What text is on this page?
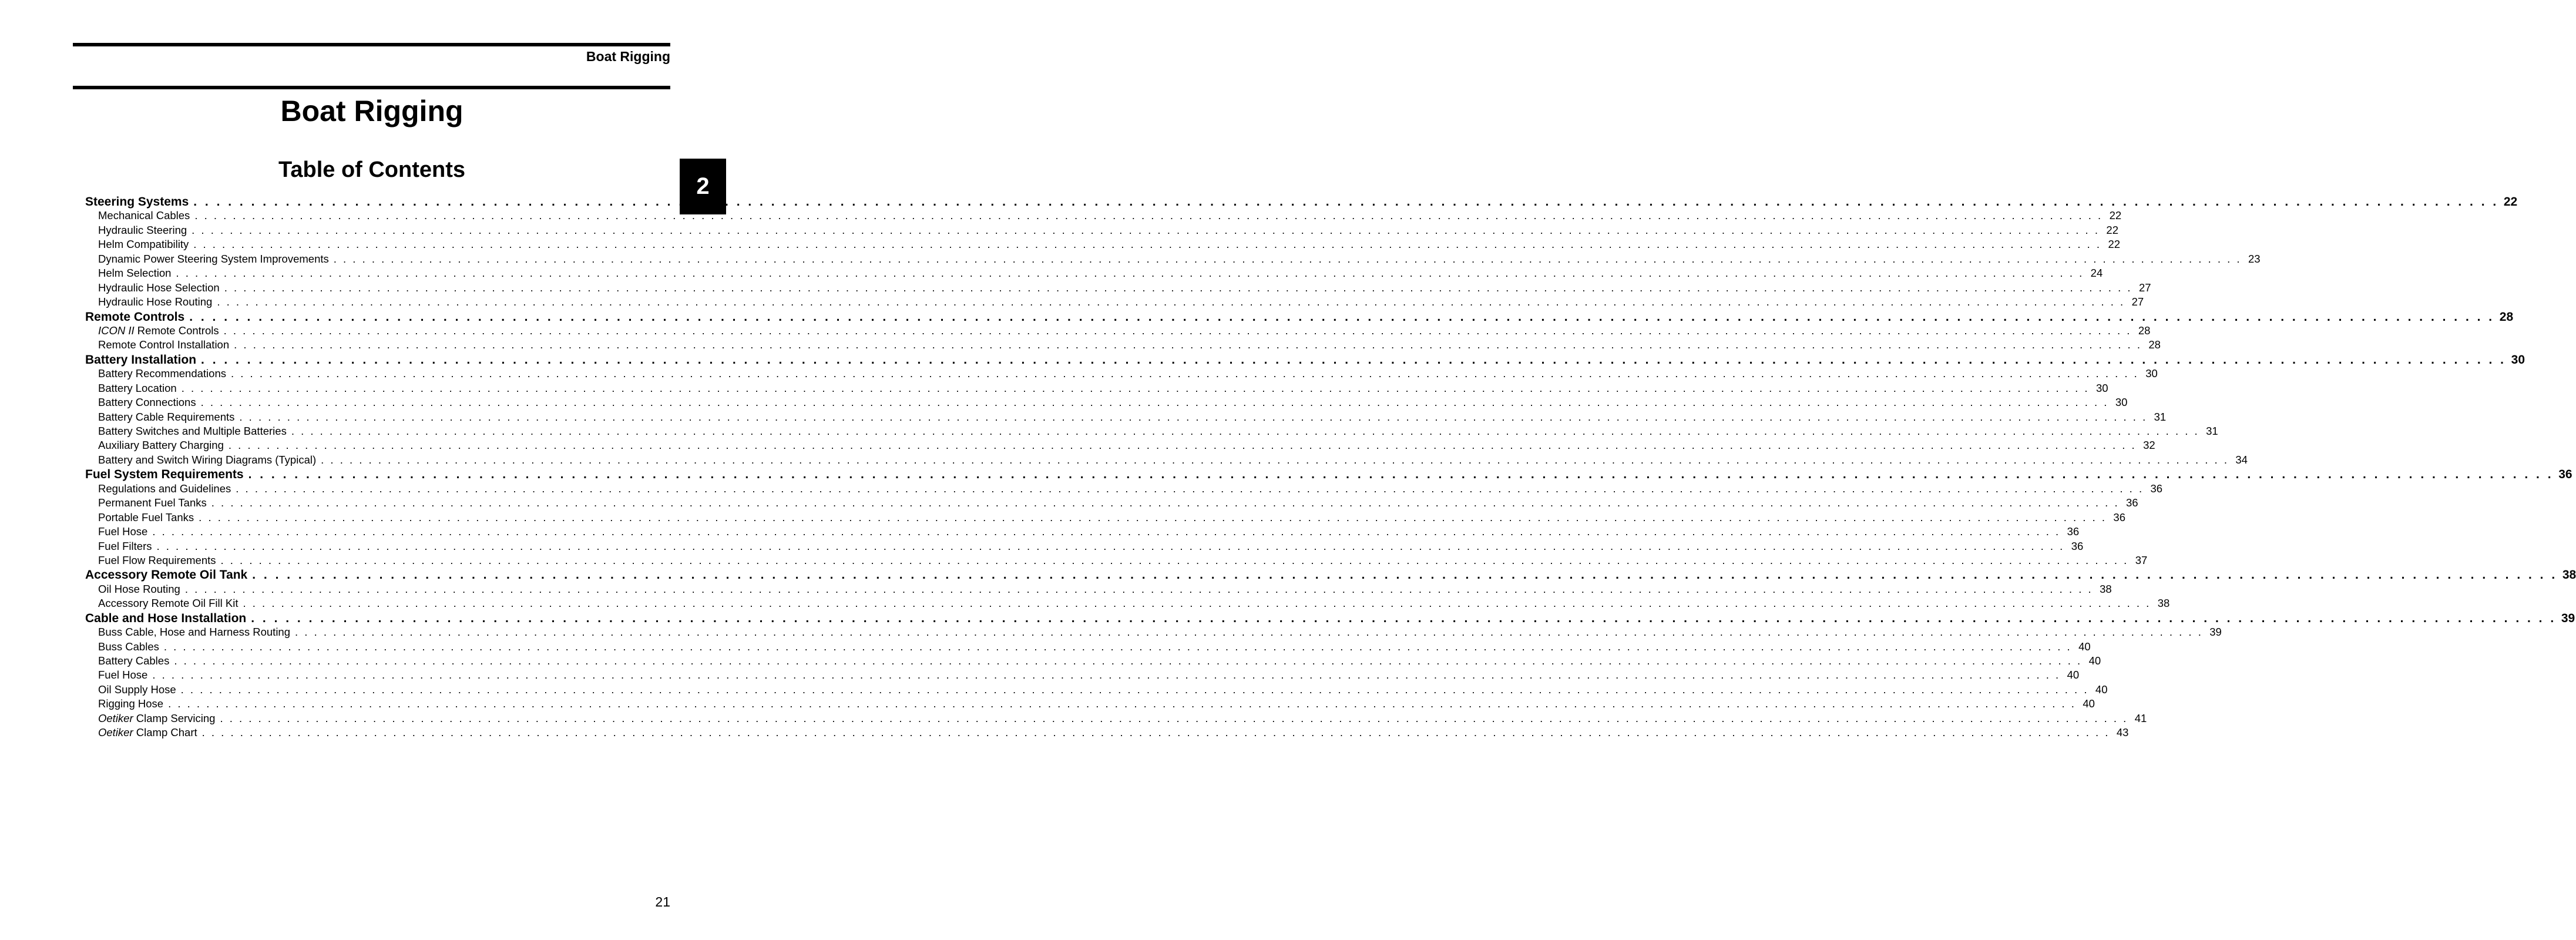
Boat Rigging
2
Boat Rigging
Table of Contents
Steering Systems . . . . . . . . . . . . . . . . . . . . . . . . . . . . . . . . . . . . . . . . . . . . . . . . . . . . . . . . . . . . . . . . . . . . . . . . . . . . . . . . . . . . . . . . . . . . . . . . . . . . . . . . . . . . . . . . . . . . . . . . . . . . . . . . . . . . . . . . . . . . . . . . . . . . . . . . . . . . . . . . . . . . . . . . . . . . . . . . . . . . . . . . . . . . . . . . . . . . . . . . 22
Mechanical Cables . . . . . . . . . . . . . . . . . . . . . . . . . . . . . . . . . . . . . . . . . . . . . . . . . . . . . . . . . . . . . . . . . . . . . . . . . . . . . . . . . . . . . . . . . . . . . . . . . . . . . . . . . . . . . . . . . . . . . . . . . . . . . . . . . . . . . . . . . . . . . . . . . . . . . . . . . . . . . . . . . . . . . . . . . . . . . . . . . . . . . . . . . . . . . . . . . . . . . . . . 22
Hydraulic Steering . . . . . . . . . . . . . . . . . . . . . . . . . . . . . . . . . . . . . . . . . . . . . . . . . . . . . . . . . . . . . . . . . . . . . . . . . . . . . . . . . . . . . . . . . . . . . . . . . . . . . . . . . . . . . . . . . . . . . . . . . . . . . . . . . . . . . . . . . . . . . . . . . . . . . . . . . . . . . . . . . . . . . . . . . . . . . . . . . . . . . . . . . . . . . . . . . . . . . . . . 22
Helm Compatibility . . . . . . . . . . . . . . . . . . . . . . . . . . . . . . . . . . . . . . . . . . . . . . . . . . . . . . . . . . . . . . . . . . . . . . . . . . . . . . . . . . . . . . . . . . . . . . . . . . . . . . . . . . . . . . . . . . . . . . . . . . . . . . . . . . . . . . . . . . . . . . . . . . . . . . . . . . . . . . . . . . . . . . . . . . . . . . . . . . . . . . . . . . . . . . . . . . . . . . . . 22
Dynamic Power Steering System Improvements . . . . . . . . . . . . . . . . . . . . . . . . . . . . . . . . . . . . . . . . . . . . . . . . . . . . . . . . . . . . . . . . . . . . . . . . . . . . . . . . . . . . . . . . . . . . . . . . . . . . . . . . . . . . . . . . . . . . . . . . . . . . . . . . . . . . . . . . . . . . . . . . . . . . . . . . . . . . . . . . . . . . . . . . . . . . . . . . . . . . . . . . . . . . . . . . . . . . . . . . 23
Helm Selection . . . . . . . . . . . . . . . . . . . . . . . . . . . . . . . . . . . . . . . . . . . . . . . . . . . . . . . . . . . . . . . . . . . . . . . . . . . . . . . . . . . . . . . . . . . . . . . . . . . . . . . . . . . . . . . . . . . . . . . . . . . . . . . . . . . . . . . . . . . . . . . . . . . . . . . . . . . . . . . . . . . . . . . . . . . . . . . . . . . . . . . . . . . . . . . . . . . . . . . . 24
Hydraulic Hose Selection . . . . . . . . . . . . . . . . . . . . . . . . . . . . . . . . . . . . . . . . . . . . . . . . . . . . . . . . . . . . . . . . . . . . . . . . . . . . . . . . . . . . . . . . . . . . . . . . . . . . . . . . . . . . . . . . . . . . . . . . . . . . . . . . . . . . . . . . . . . . . . . . . . . . . . . . . . . . . . . . . . . . . . . . . . . . . . . . . . . . . . . . . . . . . . . . . . . . . . . . 27
Hydraulic Hose Routing . . . . . . . . . . . . . . . . . . . . . . . . . . . . . . . . . . . . . . . . . . . . . . . . . . . . . . . . . . . . . . . . . . . . . . . . . . . . . . . . . . . . . . . . . . . . . . . . . . . . . . . . . . . . . . . . . . . . . . . . . . . . . . . . . . . . . . . . . . . . . . . . . . . . . . . . . . . . . . . . . . . . . . . . . . . . . . . . . . . . . . . . . . . . . . . . . . . . . . . . 27
Remote Controls . . . . . . . . . . . . . . . . . . . . . . . . . . . . . . . . . . . . . . . . . . . . . . . . . . . . . . . . . . . . . . . . . . . . . . . . . . . . . . . . . . . . . . . . . . . . . . . . . . . . . . . . . . . . . . . . . . . . . . . . . . . . . . . . . . . . . . . . . . . . . . . . . . . . . . . . . . . . . . . . . . . . . . . . . . . . . . . . . . . . . . . . . . . . . . . . . . . . . . . . 28
ICON II Remote Controls . . . . . . . . . . . . . . . . . . . . . . . . . . . . . . . . . . . . . . . . . . . . . . . . . . . . . . . . . . . . . . . . . . . . . . . . . . . . . . . . . . . . . . . . . . . . . . . . . . . . . . . . . . . . . . . . . . . . . . . . . . . . . . . . . . . . . . . . . . . . . . . . . . . . . . . . . . . . . . . . . . . . . . . . . . . . . . . . . . . . . . . . . . . . . . . . . . . . . . . . 28
Remote Control Installation . . . . . . . . . . . . . . . . . . . . . . . . . . . . . . . . . . . . . . . . . . . . . . . . . . . . . . . . . . . . . . . . . . . . . . . . . . . . . . . . . . . . . . . . . . . . . . . . . . . . . . . . . . . . . . . . . . . . . . . . . . . . . . . . . . . . . . . . . . . . . . . . . . . . . . . . . . . . . . . . . . . . . . . . . . . . . . . . . . . . . . . . . . . . . . . . . . . . . . . . 28
Battery Installation . . . . . . . . . . . . . . . . . . . . . . . . . . . . . . . . . . . . . . . . . . . . . . . . . . . . . . . . . . . . . . . . . . . . . . . . . . . . . . . . . . . . . . . . . . . . . . . . . . . . . . . . . . . . . . . . . . . . . . . . . . . . . . . . . . . . . . . . . . . . . . . . . . . . . . . . . . . . . . . . . . . . . . . . . . . . . . . . . . . . . . . . . . . . . . . . . . . . . . . . 30
Battery Recommendations . . . . . . . . . . . . . . . . . . . . . . . . . . . . . . . . . . . . . . . . . . . . . . . . . . . . . . . . . . . . . . . . . . . . . . . . . . . . . . . . . . . . . . . . . . . . . . . . . . . . . . . . . . . . . . . . . . . . . . . . . . . . . . . . . . . . . . . . . . . . . . . . . . . . . . . . . . . . . . . . . . . . . . . . . . . . . . . . . . . . . . . . . . . . . . . . . . . . . . . . 30
Battery Location . . . . . . . . . . . . . . . . . . . . . . . . . . . . . . . . . . . . . . . . . . . . . . . . . . . . . . . . . . . . . . . . . . . . . . . . . . . . . . . . . . . . . . . . . . . . . . . . . . . . . . . . . . . . . . . . . . . . . . . . . . . . . . . . . . . . . . . . . . . . . . . . . . . . . . . . . . . . . . . . . . . . . . . . . . . . . . . . . . . . . . . . . . . . . . . . . . . . . . . . 30
Battery Connections . . . . . . . . . . . . . . . . . . . . . . . . . . . . . . . . . . . . . . . . . . . . . . . . . . . . . . . . . . . . . . . . . . . . . . . . . . . . . . . . . . . . . . . . . . . . . . . . . . . . . . . . . . . . . . . . . . . . . . . . . . . . . . . . . . . . . . . . . . . . . . . . . . . . . . . . . . . . . . . . . . . . . . . . . . . . . . . . . . . . . . . . . . . . . . . . . . . . . . . . 30
Battery Cable Requirements . . . . . . . . . . . . . . . . . . . . . . . . . . . . . . . . . . . . . . . . . . . . . . . . . . . . . . . . . . . . . . . . . . . . . . . . . . . . . . . . . . . . . . . . . . . . . . . . . . . . . . . . . . . . . . . . . . . . . . . . . . . . . . . . . . . . . . . . . . . . . . . . . . . . . . . . . . . . . . . . . . . . . . . . . . . . . . . . . . . . . . . . . . . . . . . . . . . . . . . . 31
Battery Switches and Multiple Batteries . . . . . . . . . . . . . . . . . . . . . . . . . . . . . . . . . . . . . . . . . . . . . . . . . . . . . . . . . . . . . . . . . . . . . . . . . . . . . . . . . . . . . . . . . . . . . . . . . . . . . . . . . . . . . . . . . . . . . . . . . . . . . . . . . . . . . . . . . . . . . . . . . . . . . . . . . . . . . . . . . . . . . . . . . . . . . . . . . . . . . . . . . . . . . . . . . . . . . . . . 31
Auxiliary Battery Charging . . . . . . . . . . . . . . . . . . . . . . . . . . . . . . . . . . . . . . . . . . . . . . . . . . . . . . . . . . . . . . . . . . . . . . . . . . . . . . . . . . . . . . . . . . . . . . . . . . . . . . . . . . . . . . . . . . . . . . . . . . . . . . . . . . . . . . . . . . . . . . . . . . . . . . . . . . . . . . . . . . . . . . . . . . . . . . . . . . . . . . . . . . . . . . . . . . . . . . . . 32
Battery and Switch Wiring Diagrams (Typical) . . . . . . . . . . . . . . . . . . . . . . . . . . . . . . . . . . . . . . . . . . . . . . . . . . . . . . . . . . . . . . . . . . . . . . . . . . . . . . . . . . . . . . . . . . . . . . . . . . . . . . . . . . . . . . . . . . . . . . . . . . . . . . . . . . . . . . . . . . . . . . . . . . . . . . . . . . . . . . . . . . . . . . . . . . . . . . . . . . . . . . . . . . . . . . . . . . . . . . . . 34
Fuel System Requirements . . . . . . . . . . . . . . . . . . . . . . . . . . . . . . . . . . . . . . . . . . . . . . . . . . . . . . . . . . . . . . . . . . . . . . . . . . . . . . . . . . . . . . . . . . . . . . . . . . . . . . . . . . . . . . . . . . . . . . . . . . . . . . . . . . . . . . . . . . . . . . . . . . . . . . . . . . . . . . . . . . . . . . . . . . . . . . . . . . . . . . . . . . . . . . . . . . . . . . . . 36
Regulations and Guidelines . . . . . . . . . . . . . . . . . . . . . . . . . . . . . . . . . . . . . . . . . . . . . . . . . . . . . . . . . . . . . . . . . . . . . . . . . . . . . . . . . . . . . . . . . . . . . . . . . . . . . . . . . . . . . . . . . . . . . . . . . . . . . . . . . . . . . . . . . . . . . . . . . . . . . . . . . . . . . . . . . . . . . . . . . . . . . . . . . . . . . . . . . . . . . . . . . . . . . . . . 36
Permanent Fuel Tanks . . . . . . . . . . . . . . . . . . . . . . . . . . . . . . . . . . . . . . . . . . . . . . . . . . . . . . . . . . . . . . . . . . . . . . . . . . . . . . . . . . . . . . . . . . . . . . . . . . . . . . . . . . . . . . . . . . . . . . . . . . . . . . . . . . . . . . . . . . . . . . . . . . . . . . . . . . . . . . . . . . . . . . . . . . . . . . . . . . . . . . . . . . . . . . . . . . . . . . . . 36
Portable Fuel Tanks . . . . . . . . . . . . . . . . . . . . . . . . . . . . . . . . . . . . . . . . . . . . . . . . . . . . . . . . . . . . . . . . . . . . . . . . . . . . . . . . . . . . . . . . . . . . . . . . . . . . . . . . . . . . . . . . . . . . . . . . . . . . . . . . . . . . . . . . . . . . . . . . . . . . . . . . . . . . . . . . . . . . . . . . . . . . . . . . . . . . . . . . . . . . . . . . . . . . . . . . 36
Fuel Hose . . . . . . . . . . . . . . . . . . . . . . . . . . . . . . . . . . . . . . . . . . . . . . . . . . . . . . . . . . . . . . . . . . . . . . . . . . . . . . . . . . . . . . . . . . . . . . . . . . . . . . . . . . . . . . . . . . . . . . . . . . . . . . . . . . . . . . . . . . . . . . . . . . . . . . . . . . . . . . . . . . . . . . . . . . . . . . . . . . . . . . . . . . . . . . . . . . . . . . . . 36
Fuel Filters . . . . . . . . . . . . . . . . . . . . . . . . . . . . . . . . . . . . . . . . . . . . . . . . . . . . . . . . . . . . . . . . . . . . . . . . . . . . . . . . . . . . . . . . . . . . . . . . . . . . . . . . . . . . . . . . . . . . . . . . . . . . . . . . . . . . . . . . . . . . . . . . . . . . . . . . . . . . . . . . . . . . . . . . . . . . . . . . . . . . . . . . . . . . . . . . . . . . . . . . 36
Fuel Flow Requirements . . . . . . . . . . . . . . . . . . . . . . . . . . . . . . . . . . . . . . . . . . . . . . . . . . . . . . . . . . . . . . . . . . . . . . . . . . . . . . . . . . . . . . . . . . . . . . . . . . . . . . . . . . . . . . . . . . . . . . . . . . . . . . . . . . . . . . . . . . . . . . . . . . . . . . . . . . . . . . . . . . . . . . . . . . . . . . . . . . . . . . . . . . . . . . . . . . . . . . . . 37
Accessory Remote Oil Tank . . . . . . . . . . . . . . . . . . . . . . . . . . . . . . . . . . . . . . . . . . . . . . . . . . . . . . . . . . . . . . . . . . . . . . . . . . . . . . . . . . . . . . . . . . . . . . . . . . . . . . . . . . . . . . . . . . . . . . . . . . . . . . . . . . . . . . . . . . . . . . . . . . . . . . . . . . . . . . . . . . . . . . . . . . . . . . . . . . . . . . . . . . . . . . . . . . . . . . . . 38
Oil Hose Routing . . . . . . . . . . . . . . . . . . . . . . . . . . . . . . . . . . . . . . . . . . . . . . . . . . . . . . . . . . . . . . . . . . . . . . . . . . . . . . . . . . . . . . . . . . . . . . . . . . . . . . . . . . . . . . . . . . . . . . . . . . . . . . . . . . . . . . . . . . . . . . . . . . . . . . . . . . . . . . . . . . . . . . . . . . . . . . . . . . . . . . . . . . . . . . . . . . . . . . . . 38
Accessory Remote Oil Fill Kit . . . . . . . . . . . . . . . . . . . . . . . . . . . . . . . . . . . . . . . . . . . . . . . . . . . . . . . . . . . . . . . . . . . . . . . . . . . . . . . . . . . . . . . . . . . . . . . . . . . . . . . . . . . . . . . . . . . . . . . . . . . . . . . . . . . . . . . . . . . . . . . . . . . . . . . . . . . . . . . . . . . . . . . . . . . . . . . . . . . . . . . . . . . . . . . . . . . . . . . . 38
Cable and Hose Installation . . . . . . . . . . . . . . . . . . . . . . . . . . . . . . . . . . . . . . . . . . . . . . . . . . . . . . . . . . . . . . . . . . . . . . . . . . . . . . . . . . . . . . . . . . . . . . . . . . . . . . . . . . . . . . . . . . . . . . . . . . . . . . . . . . . . . . . . . . . . . . . . . . . . . . . . . . . . . . . . . . . . . . . . . . . . . . . . . . . . . . . . . . . . . . . . . . . . . . . . 39
Buss Cable, Hose and Harness Routing . . . . . . . . . . . . . . . . . . . . . . . . . . . . . . . . . . . . . . . . . . . . . . . . . . . . . . . . . . . . . . . . . . . . . . . . . . . . . . . . . . . . . . . . . . . . . . . . . . . . . . . . . . . . . . . . . . . . . . . . . . . . . . . . . . . . . . . . . . . . . . . . . . . . . . . . . . . . . . . . . . . . . . . . . . . . . . . . . . . . . . . . . . . . . . . . . . . . . . . . 39
Buss Cables . . . . . . . . . . . . . . . . . . . . . . . . . . . . . . . . . . . . . . . . . . . . . . . . . . . . . . . . . . . . . . . . . . . . . . . . . . . . . . . . . . . . . . . . . . . . . . . . . . . . . . . . . . . . . . . . . . . . . . . . . . . . . . . . . . . . . . . . . . . . . . . . . . . . . . . . . . . . . . . . . . . . . . . . . . . . . . . . . . . . . . . . . . . . . . . . . . . . . . . . 40
Battery Cables . . . . . . . . . . . . . . . . . . . . . . . . . . . . . . . . . . . . . . . . . . . . . . . . . . . . . . . . . . . . . . . . . . . . . . . . . . . . . . . . . . . . . . . . . . . . . . . . . . . . . . . . . . . . . . . . . . . . . . . . . . . . . . . . . . . . . . . . . . . . . . . . . . . . . . . . . . . . . . . . . . . . . . . . . . . . . . . . . . . . . . . . . . . . . . . . . . . . . . . . 40
Fuel Hose . . . . . . . . . . . . . . . . . . . . . . . . . . . . . . . . . . . . . . . . . . . . . . . . . . . . . . . . . . . . . . . . . . . . . . . . . . . . . . . . . . . . . . . . . . . . . . . . . . . . . . . . . . . . . . . . . . . . . . . . . . . . . . . . . . . . . . . . . . . . . . . . . . . . . . . . . . . . . . . . . . . . . . . . . . . . . . . . . . . . . . . . . . . . . . . . . . . . . . . . 40
Oil Supply Hose . . . . . . . . . . . . . . . . . . . . . . . . . . . . . . . . . . . . . . . . . . . . . . . . . . . . . . . . . . . . . . . . . . . . . . . . . . . . . . . . . . . . . . . . . . . . . . . . . . . . . . . . . . . . . . . . . . . . . . . . . . . . . . . . . . . . . . . . . . . . . . . . . . . . . . . . . . . . . . . . . . . . . . . . . . . . . . . . . . . . . . . . . . . . . . . . . . . . . . . . 40
Rigging Hose . . . . . . . . . . . . . . . . . . . . . . . . . . . . . . . . . . . . . . . . . . . . . . . . . . . . . . . . . . . . . . . . . . . . . . . . . . . . . . . . . . . . . . . . . . . . . . . . . . . . . . . . . . . . . . . . . . . . . . . . . . . . . . . . . . . . . . . . . . . . . . . . . . . . . . . . . . . . . . . . . . . . . . . . . . . . . . . . . . . . . . . . . . . . . . . . . . . . . . . . 40
Oetiker Clamp Servicing . . . . . . . . . . . . . . . . . . . . . . . . . . . . . . . . . . . . . . . . . . . . . . . . . . . . . . . . . . . . . . . . . . . . . . . . . . . . . . . . . . . . . . . . . . . . . . . . . . . . . . . . . . . . . . . . . . . . . . . . . . . . . . . . . . . . . . . . . . . . . . . . . . . . . . . . . . . . . . . . . . . . . . . . . . . . . . . . . . . . . . . . . . . . . . . . . . . . . . . . 41
Oetiker Clamp Chart . . . . . . . . . . . . . . . . . . . . . . . . . . . . . . . . . . . . . . . . . . . . . . . . . . . . . . . . . . . . . . . . . . . . . . . . . . . . . . . . . . . . . . . . . . . . . . . . . . . . . . . . . . . . . . . . . . . . . . . . . . . . . . . . . . . . . . . . . . . . . . . . . . . . . . . . . . . . . . . . . . . . . . . . . . . . . . . . . . . . . . . . . . . . . . . . . . . . . . . . 43
21
